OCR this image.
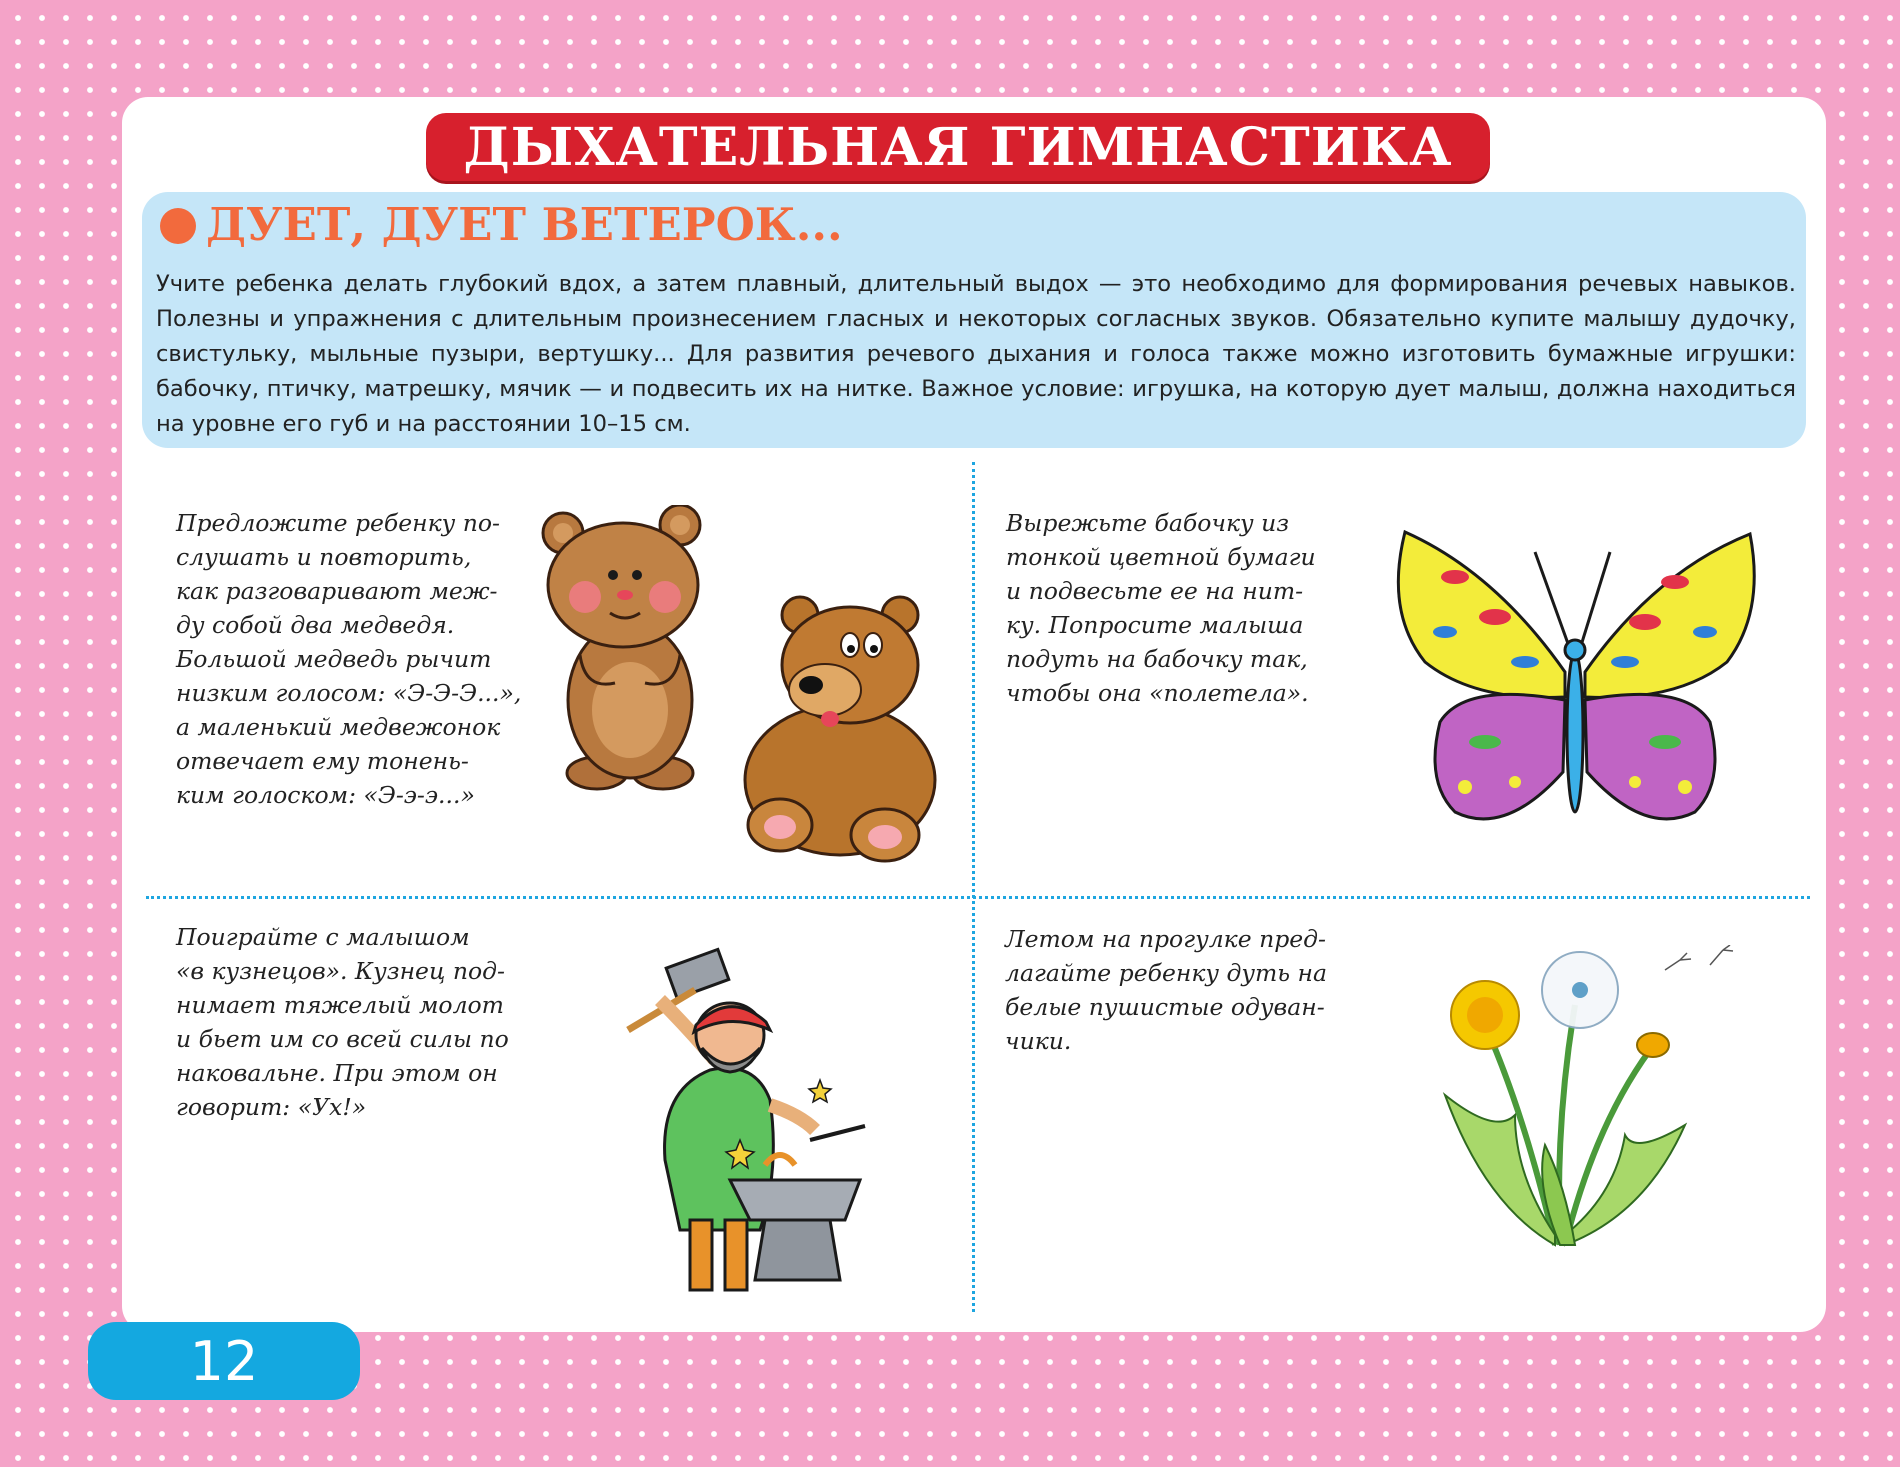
ДЫХАТЕЛЬНАЯ ГИМНАСТИКА
ДУЕТ, ДУЕТ ВЕТЕРОК...
Учите ребенка делать глубокий вдох, а затем плавный, длительный выдох — это необходимо для формирования речевых навыков. Полезны и упражнения с длительным произнесением гласных и некоторых согласных звуков. Обязательно купите малышу дудочку, свистульку, мыльные пузыри, вертушку... Для развития речевого дыхания и голоса также можно изготовить бумажные игрушки: бабочку, птичку, матрешку, мячик — и подвесить их на нитке. Важное условие: игрушка, на которую дует малыш, должна находиться на уровне его губ и на расстоянии 10–15 см.
Предложите ребенку по-
слушать и повторить,
как разговаривают меж-
ду собой два медведя.
Большой медведь рычит
низким голосом: «Э-Э-Э...»,
а маленький медвежонок
отвечает ему тонень-
ким голоском: «Э-э-э...»
Вырежьте бабочку из
тонкой цветной бумаги
и подвесьте ее на нит-
ку. Попросите малыша
подуть на бабочку так,
чтобы она «полетела».
Поиграйте с малышом
«в кузнецов». Кузнец под-
нимает тяжелый молот
и бьет им со всей силы по
наковальне. При этом он
говорит: «Ух!»
Летом на прогулке пред-
лагайте ребенку дуть на
белые пушистые одуван-
чики.
12
